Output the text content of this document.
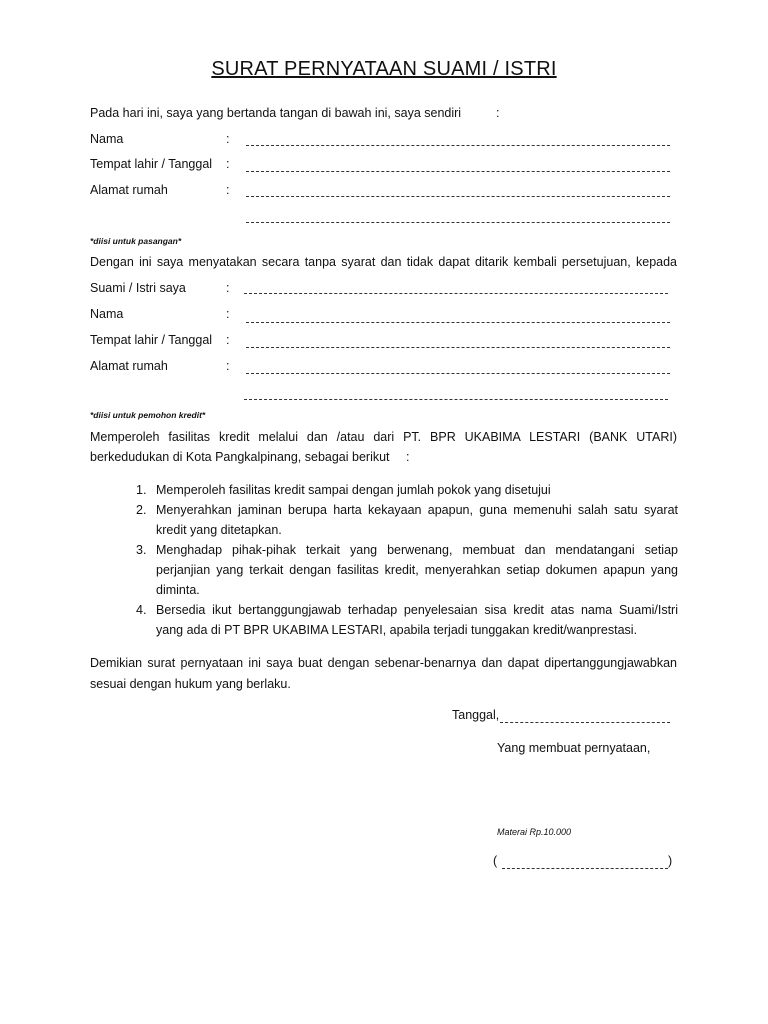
SURAT PERNYATAAN SUAMI / ISTRI
Pada hari ini, saya yang bertanda tangan di bawah ini, saya sendiri	:
Nama	:
Tempat lahir / Tanggal :
Alamat rumah	:
*diisi untuk pasangan*
Dengan ini saya menyatakan secara tanpa syarat dan tidak dapat ditarik kembali persetujuan, kepada
Suami / Istri saya	:
Nama	:
Tempat lahir / Tanggal :
Alamat rumah	:
*diisi untuk pemohon kredit*
Memperoleh fasilitas kredit melalui dan /atau dari PT. BPR UKABIMA LESTARI (BANK UTARI)
berkedudukan di Kota Pangkalpinang, sebagai berikut :
1. Memperoleh fasilitas kredit sampai dengan jumlah pokok yang disetujui
2. Menyerahkan jaminan berupa harta kekayaan apapun, guna memenuhi salah satu syarat kredit yang ditetapkan.
3. Menghadap pihak-pihak terkait yang berwenang, membuat dan mendatangani setiap perjanjian yang terkait dengan fasilitas kredit, menyerahkan setiap dokumen apapun yang diminta.
4. Bersedia ikut bertanggungjawab terhadap penyelesaian sisa kredit atas nama Suami/Istri yang ada di PT BPR UKABIMA LESTARI, apabila terjadi tunggakan kredit/wanprestasi.
Demikian surat pernyataan ini saya buat dengan sebenar-benarnya dan dapat dipertanggungjawabkan
sesuai dengan hukum yang berlaku.
Tanggal,
Yang membuat pernyataan,
Materai Rp.10.000
(	)
